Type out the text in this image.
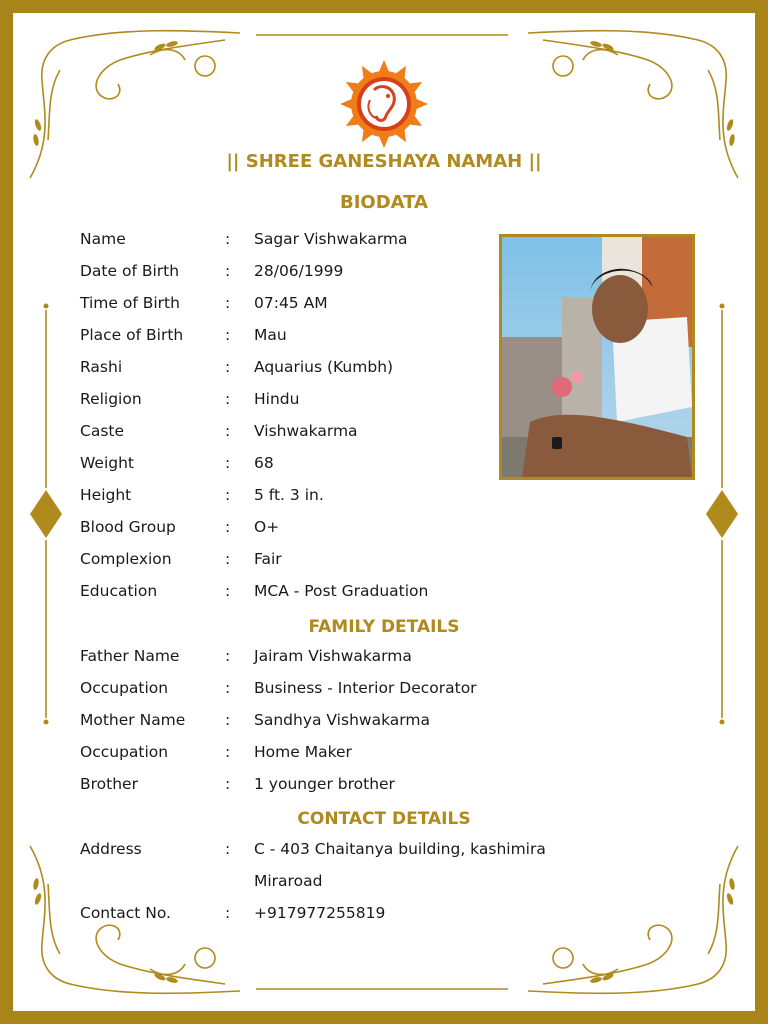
|| SHREE GANESHAYA NAMAH ||
BIODATA
Name	: Sagar Vishwakarma
Date of Birth	: 28/06/1999
Time of Birth	: 07:45 AM
Place of Birth	: Mau
Rashi	: Aquarius (Kumbh)
Religion	: Hindu
Caste	: Vishwakarma
Weight	: 68
Height	: 5 ft. 3 in.
Blood Group	: O+
Complexion	: Fair
Education	: MCA - Post Graduation
FAMILY DETAILS
Father Name	: Jairam Vishwakarma
Occupation	: Business - Interior Decorator
Mother Name	: Sandhya Vishwakarma
Occupation	: Home Maker
Brother	: 1 younger brother
CONTACT DETAILS
Address	: C - 403 Chaitanya building, kashimira
Miraroad
Contact No.	: +917977255819
